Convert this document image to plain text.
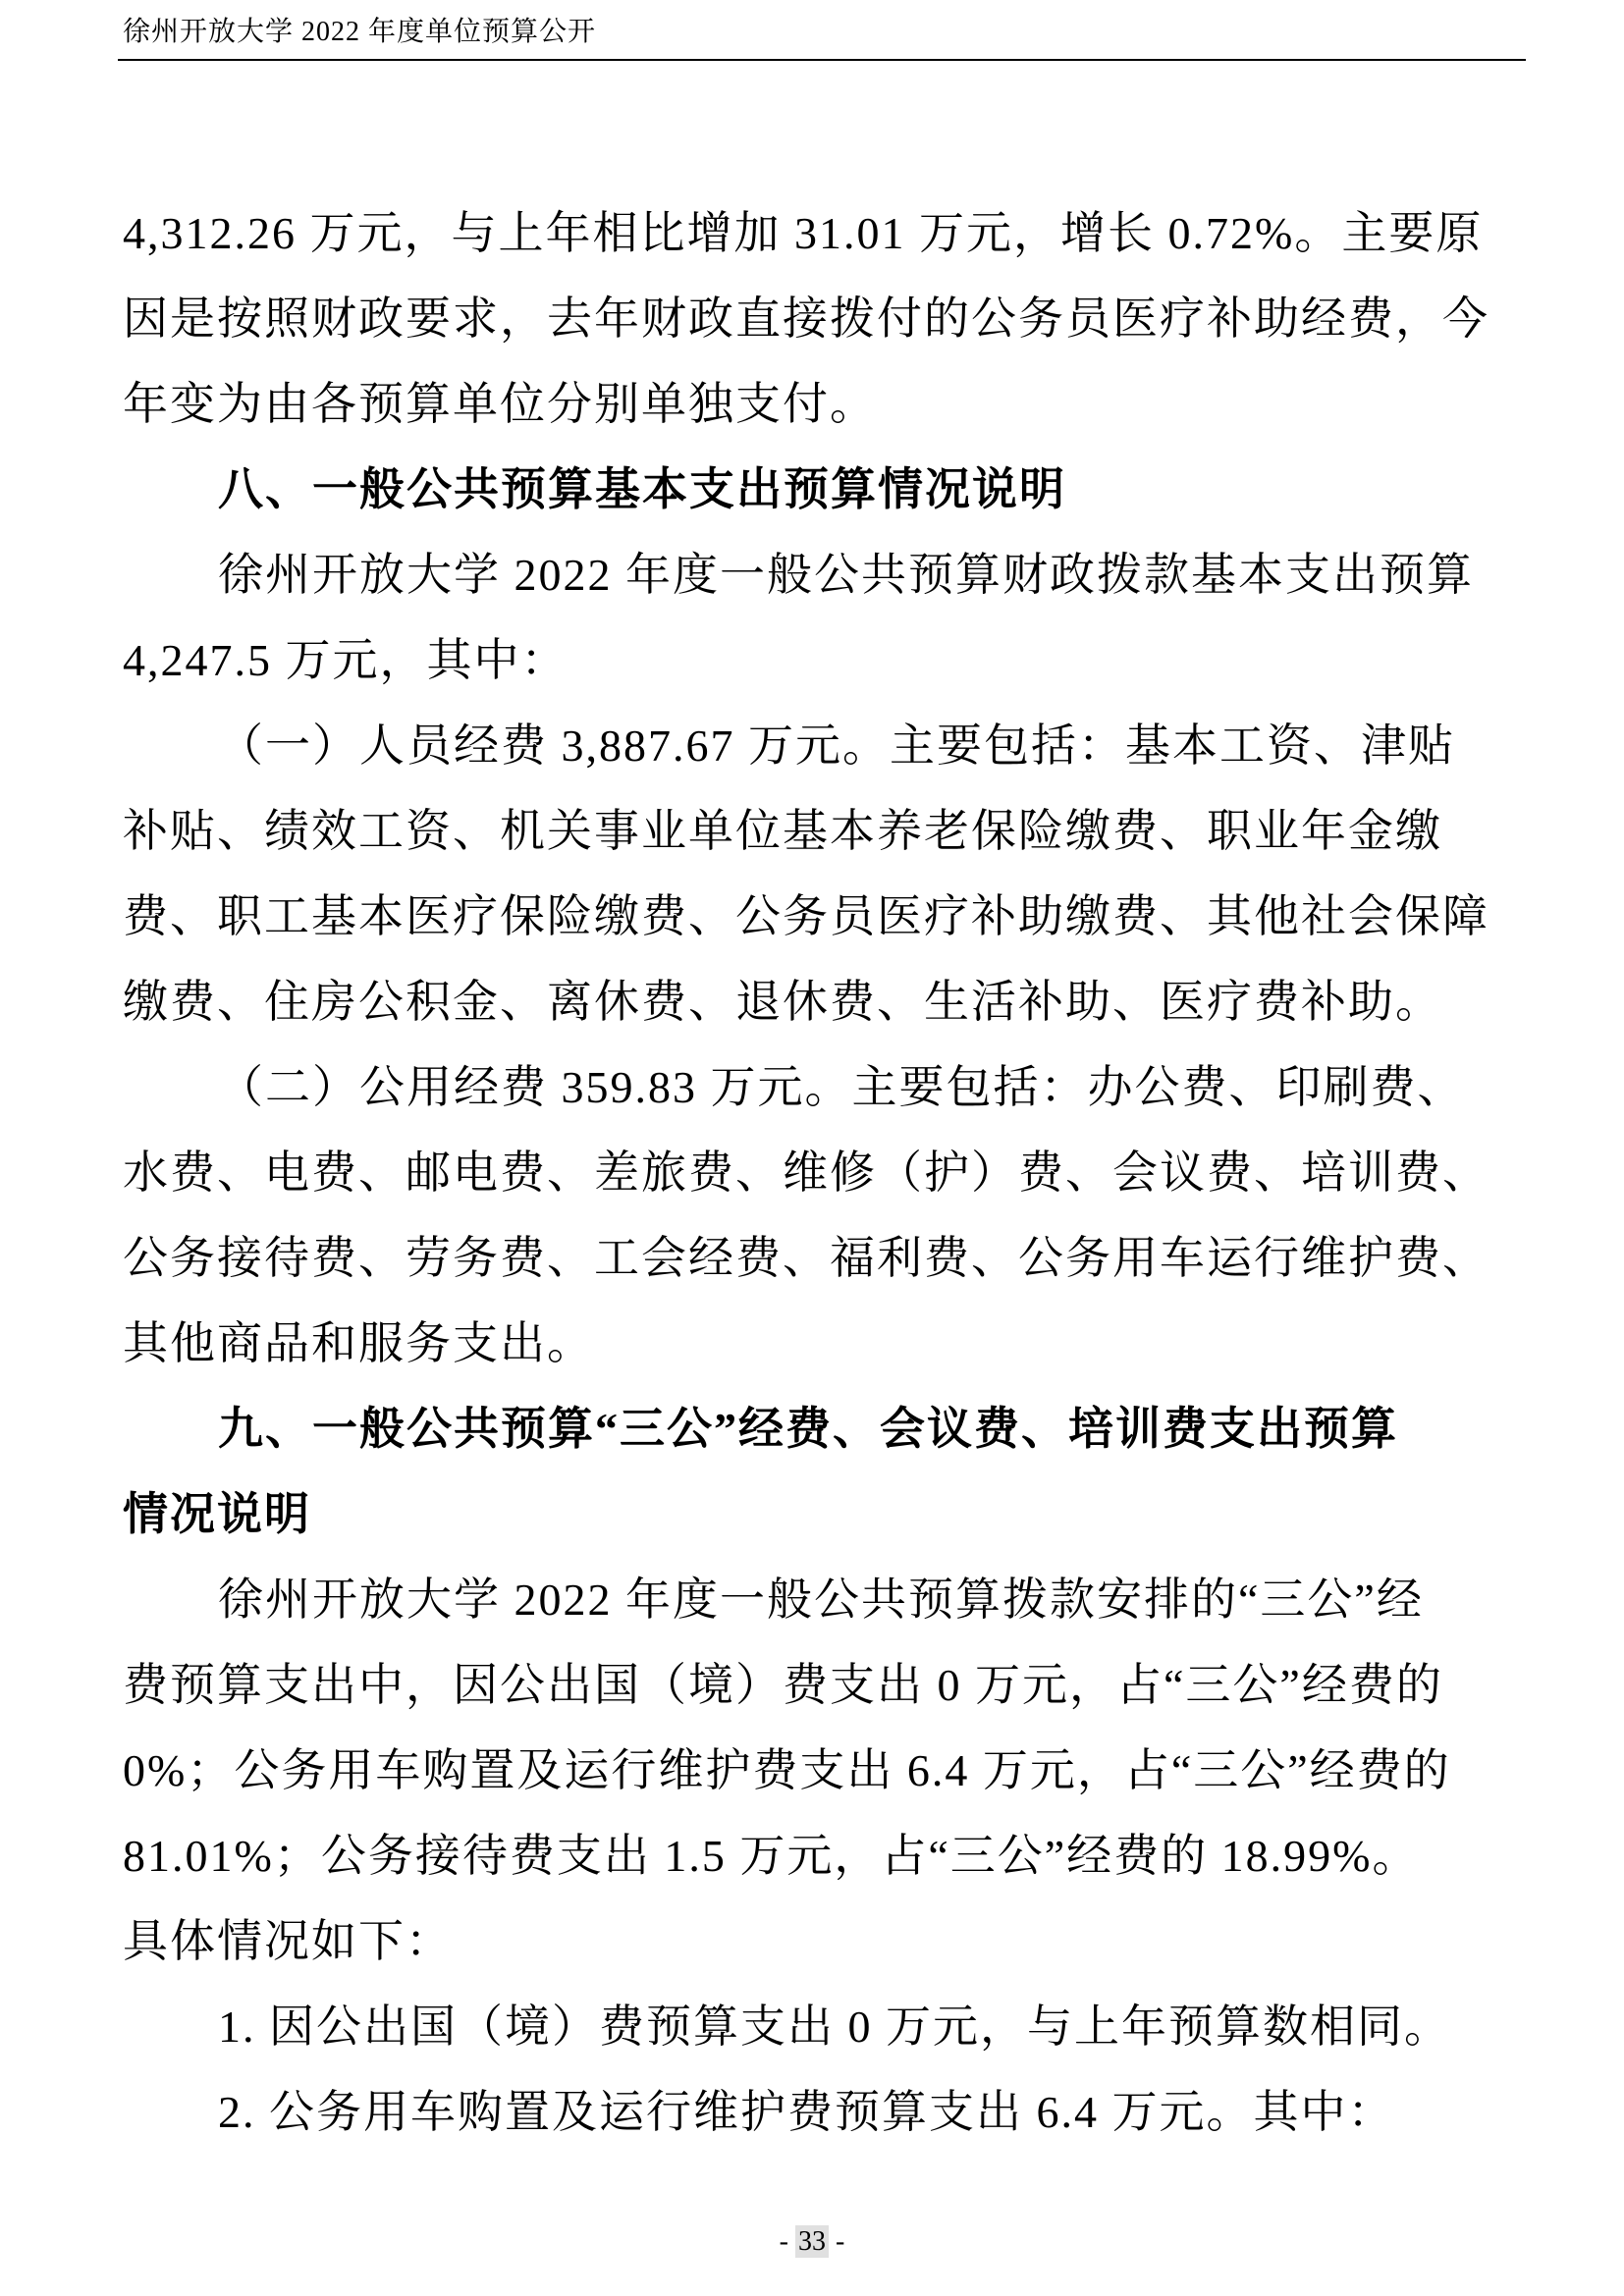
徐州开放大学 2022 年度单位预算公开
4,312.26 万元，与上年相比增加 31.01 万元，增长 0.72%。主要原
因是按照财政要求，去年财政直接拨付的公务员医疗补助经费，今
年变为由各预算单位分别单独支付。
八、一般公共预算基本支出预算情况说明
徐州开放大学 2022 年度一般公共预算财政拨款基本支出预算
4,247.5 万元，其中：
（一）人员经费 3,887.67 万元。主要包括：基本工资、津贴
补贴、绩效工资、机关事业单位基本养老保险缴费、职业年金缴
费、职工基本医疗保险缴费、公务员医疗补助缴费、其他社会保障
缴费、住房公积金、离休费、退休费、生活补助、医疗费补助。
（二）公用经费 359.83 万元。主要包括：办公费、印刷费、
水费、电费、邮电费、差旅费、维修（护）费、会议费、培训费、
公务接待费、劳务费、工会经费、福利费、公务用车运行维护费、
其他商品和服务支出。
九、一般公共预算“三公”经费、会议费、培训费支出预算
情况说明
徐州开放大学 2022 年度一般公共预算拨款安排的“三公”经
费预算支出中，因公出国（境）费支出 0 万元，占“三公”经费的
0%；公务用车购置及运行维护费支出 6.4 万元，占“三公”经费的
81.01%；公务接待费支出 1.5 万元，占“三公”经费的 18.99%。
具体情况如下：
1. 因公出国（境）费预算支出 0 万元，与上年预算数相同。
2. 公务用车购置及运行维护费预算支出 6.4 万元。其中：
- 33 -
